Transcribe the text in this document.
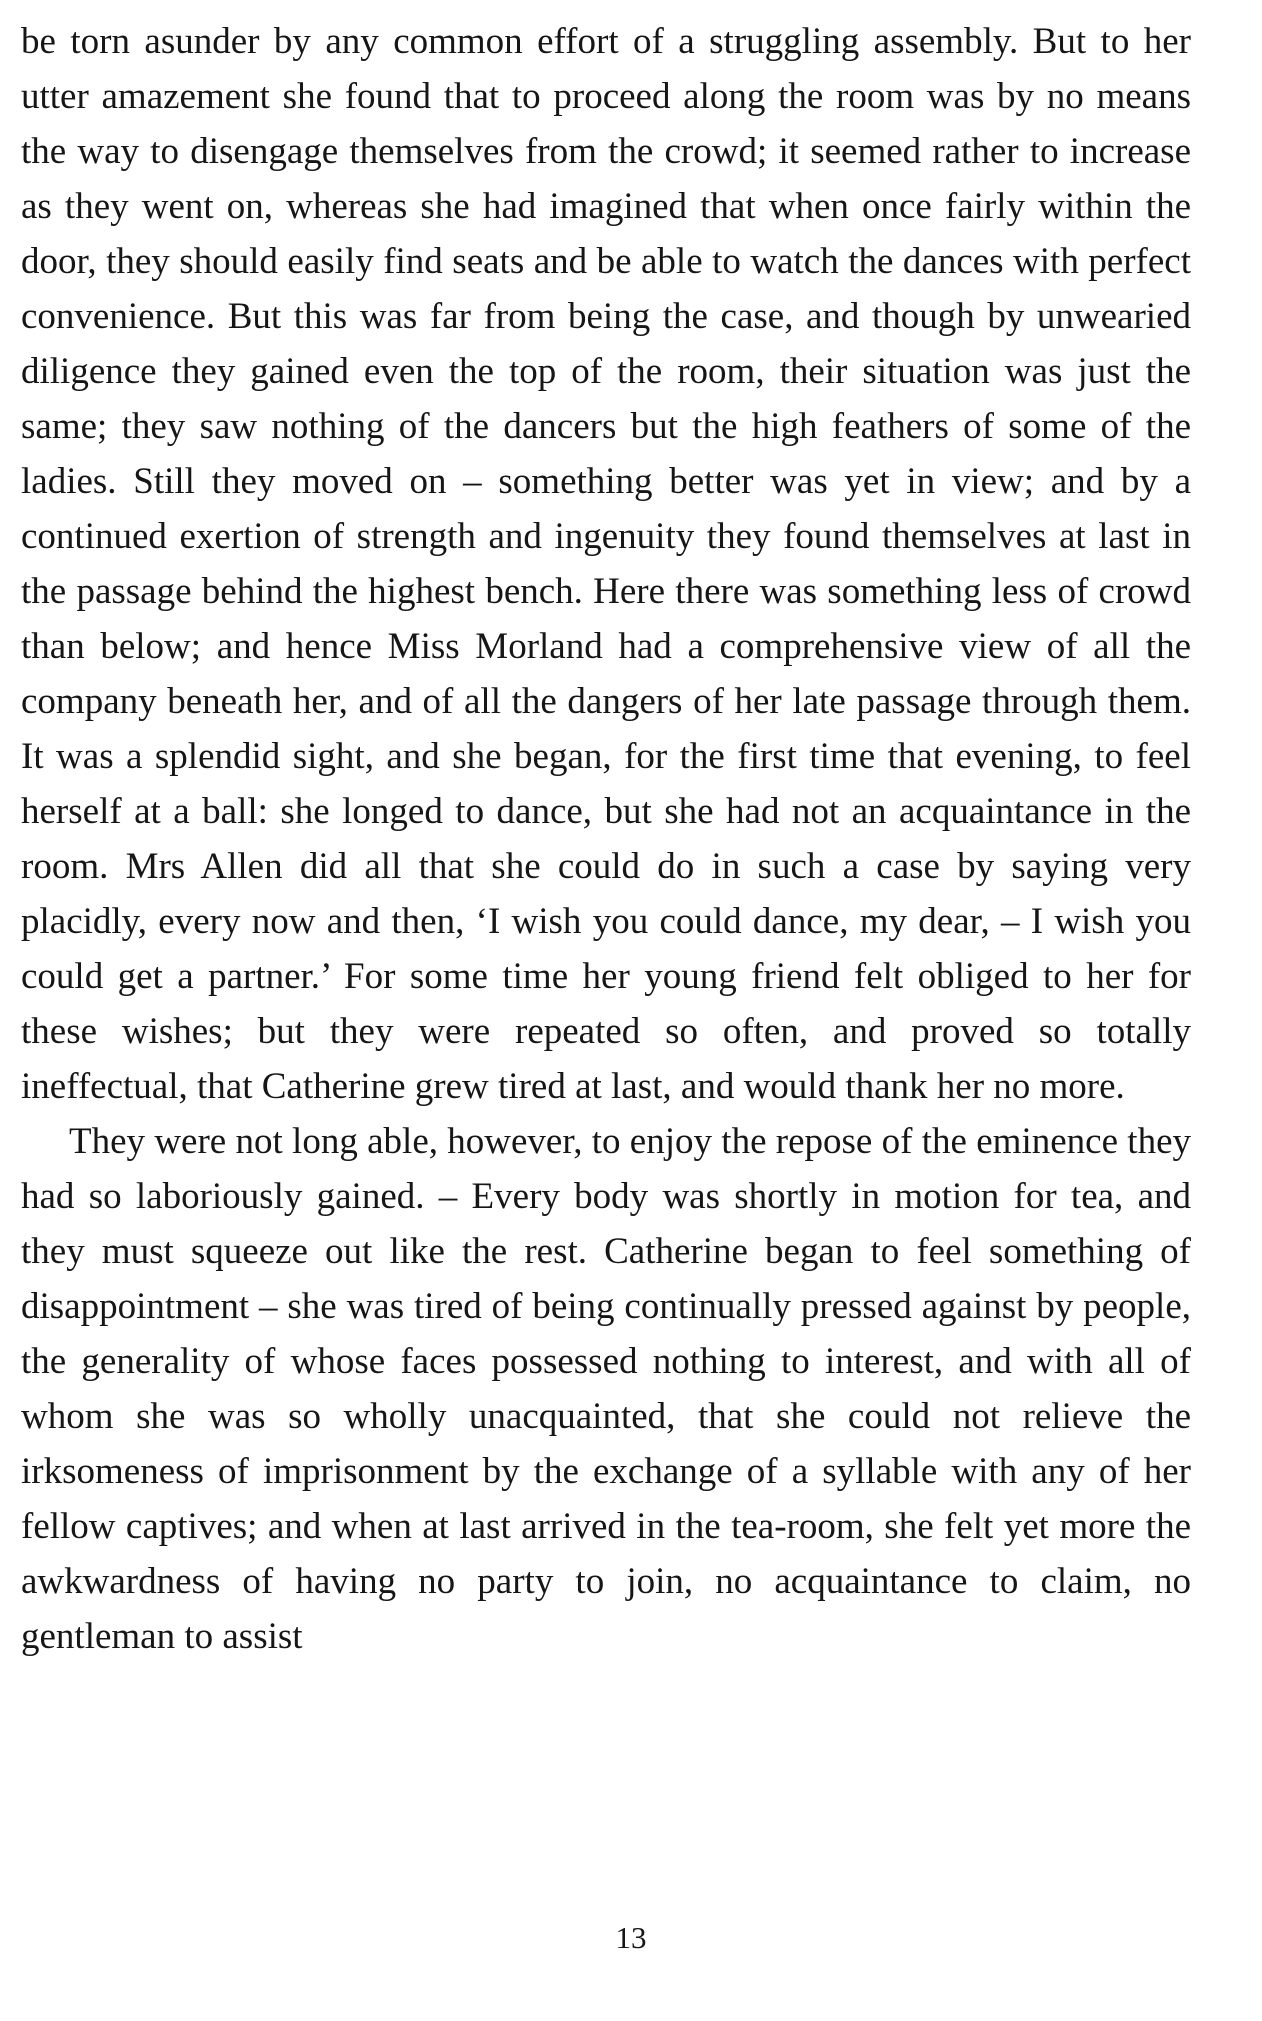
be torn asunder by any common effort of a struggling assembly. But to her utter amazement she found that to proceed along the room was by no means the way to disengage themselves from the crowd; it seemed rather to increase as they went on, whereas she had imagined that when once fairly within the door, they should easily find seats and be able to watch the dances with perfect convenience. But this was far from being the case, and though by unwearied diligence they gained even the top of the room, their situation was just the same; they saw nothing of the dancers but the high feathers of some of the ladies. Still they moved on – something better was yet in view; and by a continued exertion of strength and ingenuity they found themselves at last in the passage behind the highest bench. Here there was something less of crowd than below; and hence Miss Morland had a comprehensive view of all the company beneath her, and of all the dangers of her late passage through them. It was a splendid sight, and she began, for the first time that evening, to feel herself at a ball: she longed to dance, but she had not an acquaintance in the room. Mrs Allen did all that she could do in such a case by saying very placidly, every now and then, ‘I wish you could dance, my dear, – I wish you could get a partner.’ For some time her young friend felt obliged to her for these wishes; but they were repeated so often, and proved so totally ineffectual, that Catherine grew tired at last, and would thank her no more.

They were not long able, however, to enjoy the repose of the eminence they had so laboriously gained. – Every body was shortly in motion for tea, and they must squeeze out like the rest. Catherine began to feel something of disappointment – she was tired of being continually pressed against by people, the generality of whose faces possessed nothing to interest, and with all of whom she was so wholly unacquainted, that she could not relieve the irksomeness of imprisonment by the exchange of a syllable with any of her fellow captives; and when at last arrived in the tea-room, she felt yet more the awkwardness of having no party to join, no acquaintance to claim, no gentleman to assist

13
